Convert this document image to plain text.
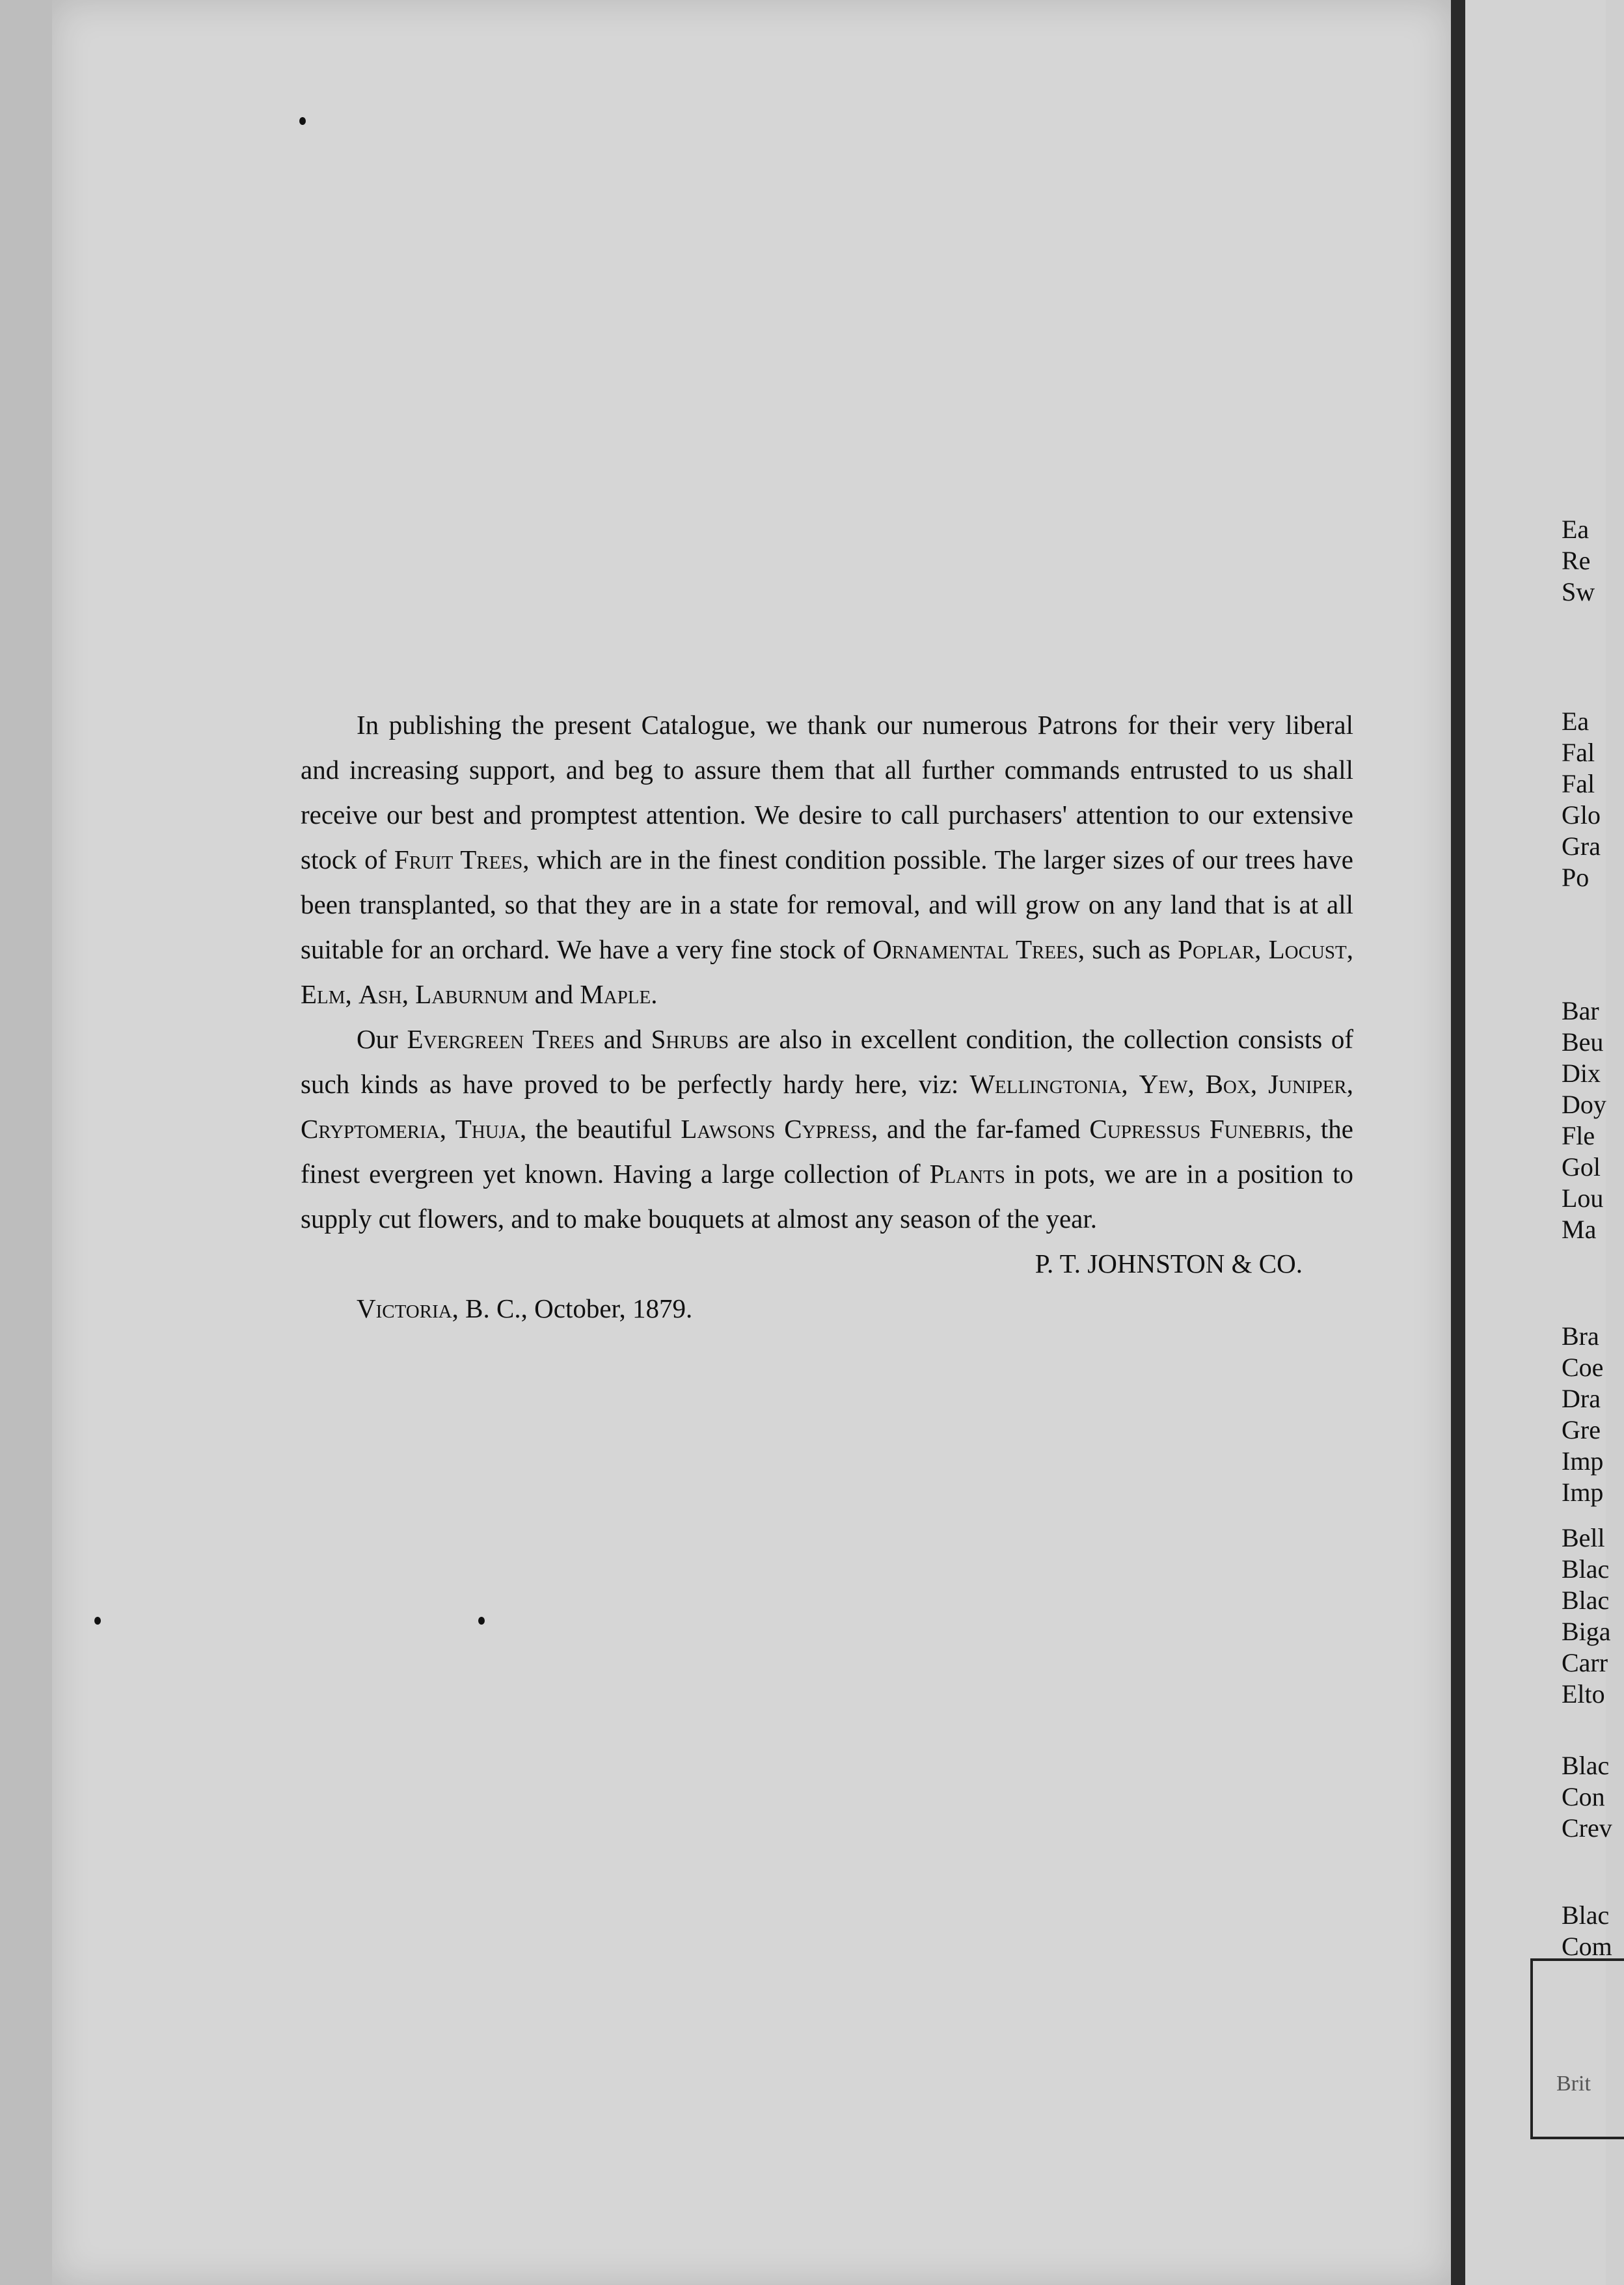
In publishing the present Catalogue, we thank our numerous Patrons for their very liberal and increasing support, and beg to assure them that all further commands entrusted to us shall receive our best and promptest attention. We desire to call purchasers' attention to our extensive stock of Fruit Trees, which are in the finest condition possible. The larger sizes of our trees have been transplanted, so that they are in a state for removal, and will grow on any land that is at all suitable for an orchard. We have a very fine stock of Ornamental Trees, such as Poplar, Locust, Elm, Ash, Laburnum and Maple.

Our Evergreen Trees and Shrubs are also in excellent condition, the collection consists of such kinds as have proved to be perfectly hardy here, viz: Wellingtonia, Yew, Box, Juniper, Cryptomeria, Thuja, the beautiful Lawsons Cypress, and the far-famed Cupressus Funebris, the finest evergreen yet known. Having a large collection of Plants in pots, we are in a position to supply cut flowers, and to make bouquets at almost any season of the year.

P. T. JOHNSTON & CO.
Victoria, B. C., October, 1879.
Ea
Re
Sw
Ea
Fal
Fal
Glo
Gra
Po
Bar
Beu
Dix
Doy
Fle
Gol
Lou
Ma
Bra
Coe
Dra
Gre
Imp
Imp
Bell
Blac
Blac
Biga
Carr
Elto
Blac
Con
Crev
Blac
Com
Brit
